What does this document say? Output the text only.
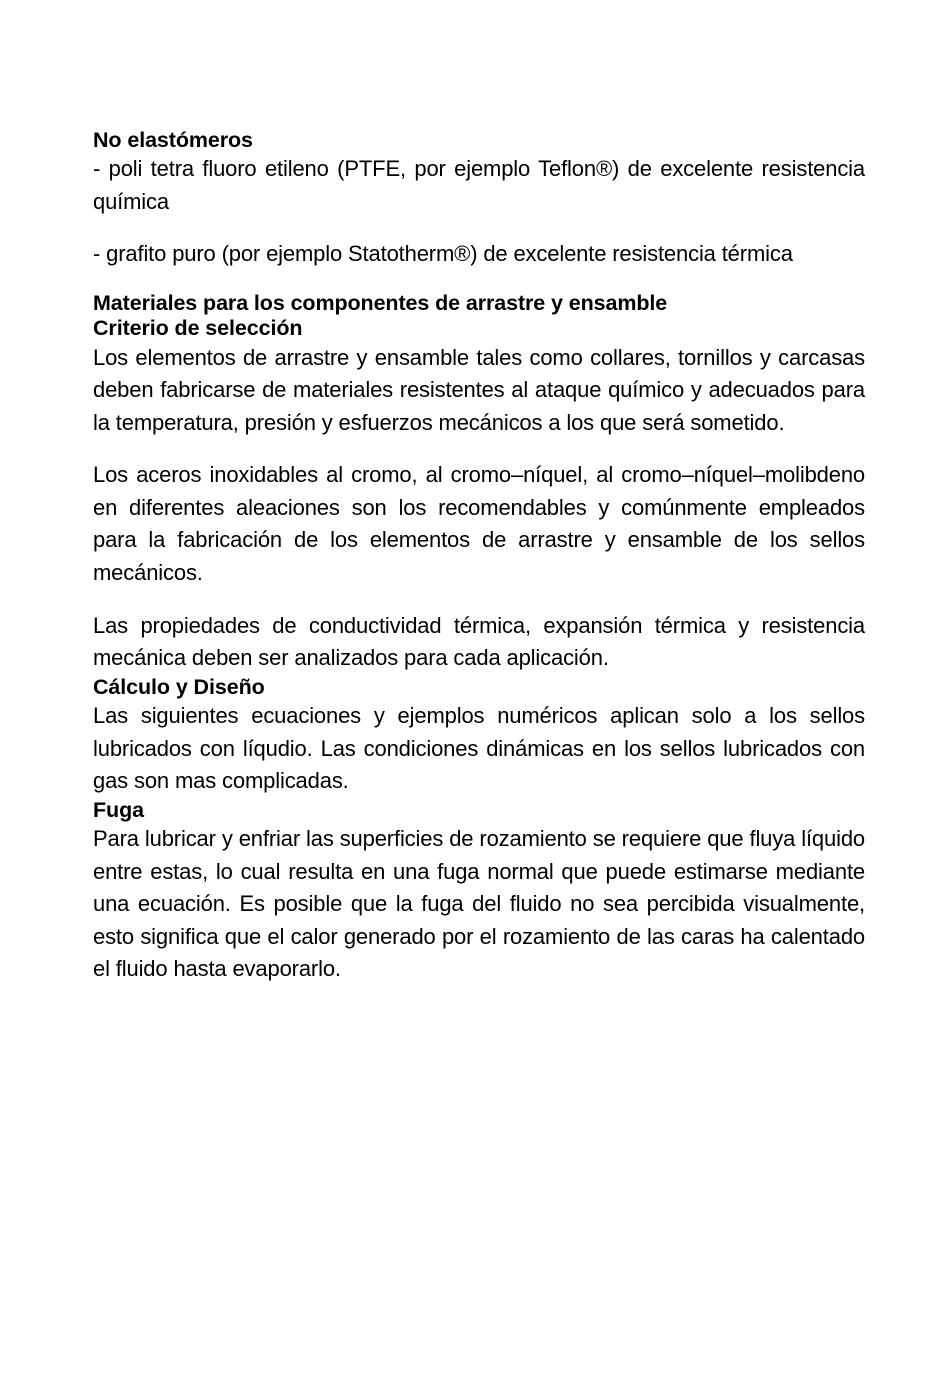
No elastómeros

- poli tetra fluoro etileno (PTFE, por ejemplo Teflon®) de excelente resistencia química

- grafito puro (por ejemplo Statotherm®) de excelente resistencia térmica

Materiales para los componentes de arrastre y ensamble
Criterio de selección

Los elementos de arrastre y ensamble tales como collares, tornillos y carcasas deben fabricarse de materiales resistentes al ataque químico y adecuados para la temperatura, presión y esfuerzos mecánicos a los que será sometido.

Los aceros inoxidables al cromo, al cromo–níquel, al cromo–níquel–molibdeno en diferentes aleaciones son los recomendables y comúnmente empleados para la fabricación de los elementos de arrastre y ensamble de los sellos mecánicos.

Las propiedades de conductividad térmica, expansión térmica y resistencia mecánica deben ser analizados para cada aplicación.

Cálculo y Diseño

Las siguientes ecuaciones y ejemplos numéricos aplican solo a los sellos lubricados con líqudio. Las condiciones dinámicas en los sellos lubricados con gas son mas complicadas.

Fuga

Para lubricar y enfriar las superficies de rozamiento se requiere que fluya líquido entre estas, lo cual resulta en una fuga normal que puede estimarse mediante una ecuación. Es posible que la fuga del fluido no sea percibida visualmente, esto significa que el calor generado por el rozamiento de las caras ha calentado el fluido hasta evaporarlo.
